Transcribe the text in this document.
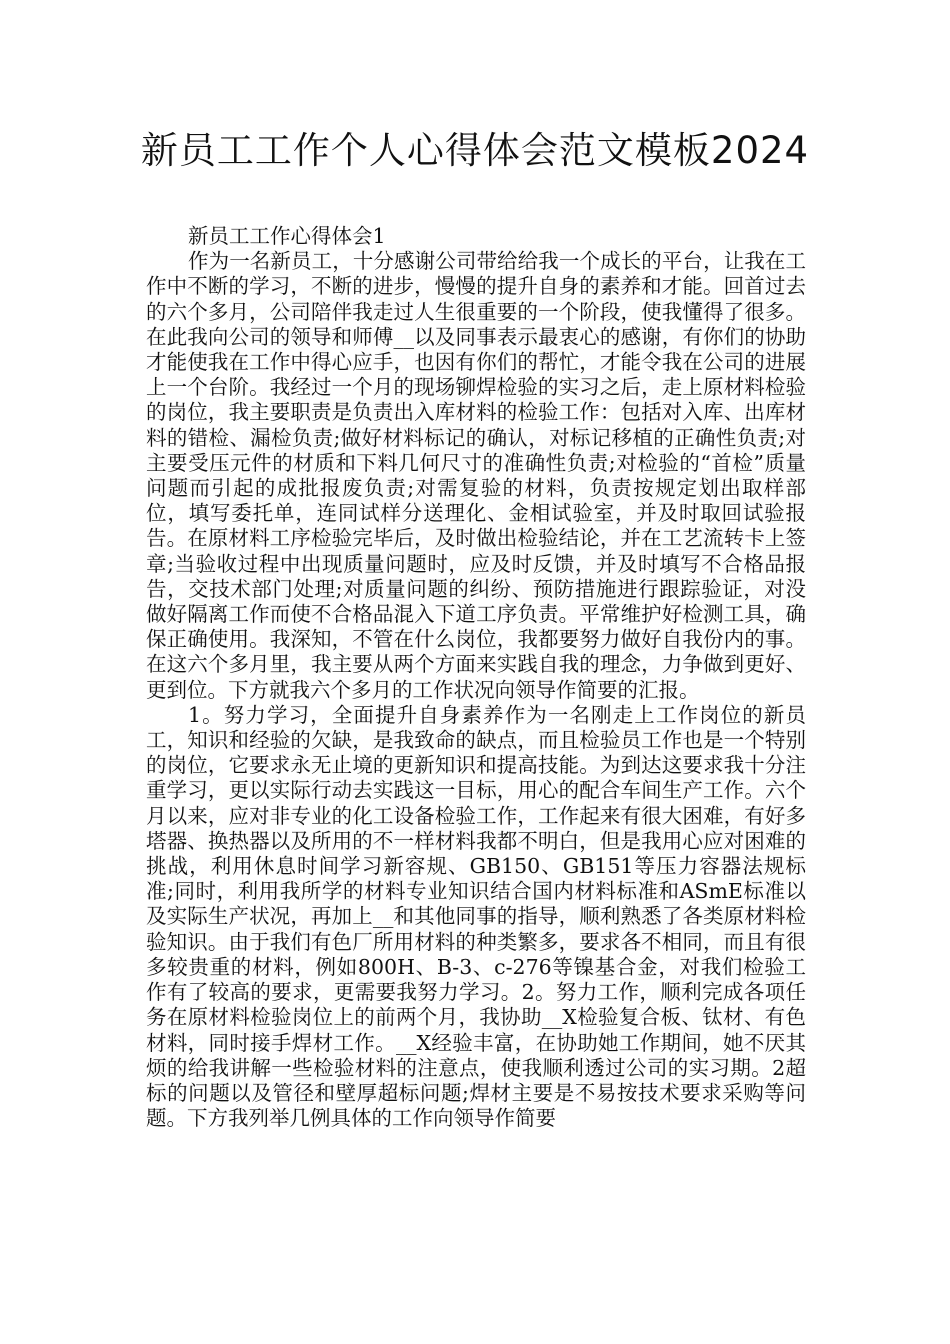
新员工工作个人心得体会范文模板2024

新员工工作心得体会1

作为一名新员工，十分感谢公司带给给我一个成长的平台，让我在工作中不断的学习，不断的进步，慢慢的提升自身的素养和才能。回首过去的六个多月，公司陪伴我走过人生很重要的一个阶段，使我懂得了很多。在此我向公司的领导和师傅__以及同事表示最衷心的感谢，有你们的协助才能使我在工作中得心应手，也因有你们的帮忙，才能令我在公司的进展上一个台阶。我经过一个月的现场铆焊检验的实习之后，走上原材料检验的岗位，我主要职责是负责出入库材料的检验工作：包括对入库、出库材料的错检、漏检负责;做好材料标记的确认，对标记移植的正确性负责;对主要受压元件的材质和下料几何尺寸的准确性负责;对检验的“首检”质量问题而引起的成批报废负责;对需复验的材料，负责按规定划出取样部位，填写委托单，连同试样分送理化、金相试验室，并及时取回试验报告。在原材料工序检验完毕后，及时做出检验结论，并在工艺流转卡上签章;当验收过程中出现质量问题时，应及时反馈，并及时填写不合格品报告，交技术部门处理;对质量问题的纠纷、预防措施进行跟踪验证，对没做好隔离工作而使不合格品混入下道工序负责。平常维护好检测工具，确保正确使用。我深知，不管在什么岗位，我都要努力做好自我份内的事。在这六个多月里，我主要从两个方面来实践自我的理念，力争做到更好、更到位。下方就我六个多月的工作状况向领导作简要的汇报。

1。努力学习，全面提升自身素养作为一名刚走上工作岗位的新员工，知识和经验的欠缺，是我致命的缺点，而且检验员工作也是一个特别的岗位，它要求永无止境的更新知识和提高技能。为到达这要求我十分注重学习，更以实际行动去实践这一目标，用心的配合车间生产工作。六个月以来，应对非专业的化工设备检验工作，工作起来有很大困难，有好多塔器、换热器以及所用的不一样材料我都不明白，但是我用心应对困难的挑战，利用休息时间学习新容规、GB150、GB151等压力容器法规标准;同时，利用我所学的材料专业知识结合国内材料标准和ASmE标准以及实际生产状况，再加上__和其他同事的指导，顺利熟悉了各类原材料检验知识。由于我们有色厂所用材料的种类繁多，要求各不相同，而且有很多较贵重的材料，例如800H、B-3、c-276等镍基合金，对我们检验工作有了较高的要求，更需要我努力学习。2。努力工作，顺利完成各项任务在原材料检验岗位上的前两个月，我协助__X检验复合板、钛材、有色材料，同时接手焊材工作。__X经验丰富，在协助她工作期间，她不厌其烦的给我讲解一些检验材料的注意点，使我顺利透过公司的实习期。2超标的问题以及管径和壁厚超标问题;焊材主要是不易按技术要求采购等问题。下方我列举几例具体的工作向领导作简要
